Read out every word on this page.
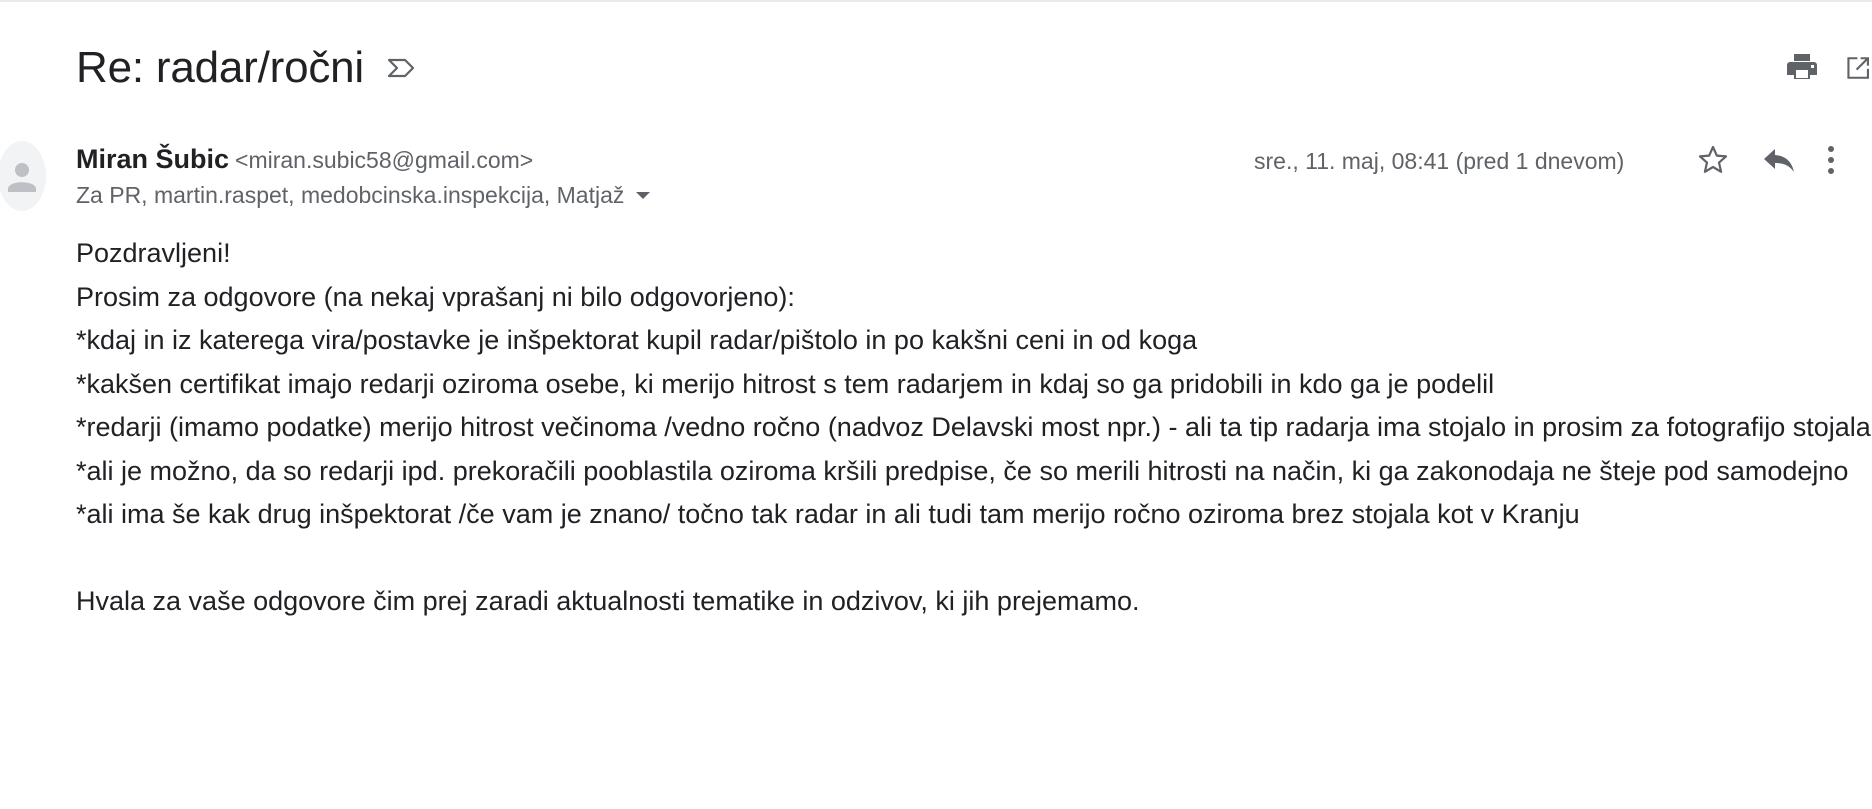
Re: radar/ročni
Miran Šubic <miran.subic58@gmail.com>
Za PR, martin.raspet, medobcinska.inspekcija, Matjaž
sre., 11. maj, 08:41 (pred 1 dnevom)

Pozdravljeni!

Prosim za odgovore (na nekaj vprašanj ni bilo odgovorjeno):

*kdaj in iz katerega vira/postavke je inšpektorat kupil radar/pištolo in po kakšni ceni in od koga

*kakšen certifikat imajo redarji oziroma osebe, ki merijo hitrost s tem radarjem in kdaj so ga pridobili in kdo ga je podelil

*redarji (imamo podatke) merijo hitrost večinoma /vedno ročno (nadvoz Delavski most npr.) - ali ta tip radarja ima stojalo in prosim za fotografijo stojala

*ali je možno, da so redarji ipd. prekoračili pooblastila oziroma kršili predpise, če so merili hitrosti na način, ki ga zakonodaja ne šteje pod samodejno

*ali ima še kak drug inšpektorat /če vam je znano/ točno tak radar in ali tudi tam merijo ročno oziroma brez stojala kot v Kranju

Hvala za vaše odgovore čim prej zaradi aktualnosti tematike in odzivov, ki jih prejemamo.
